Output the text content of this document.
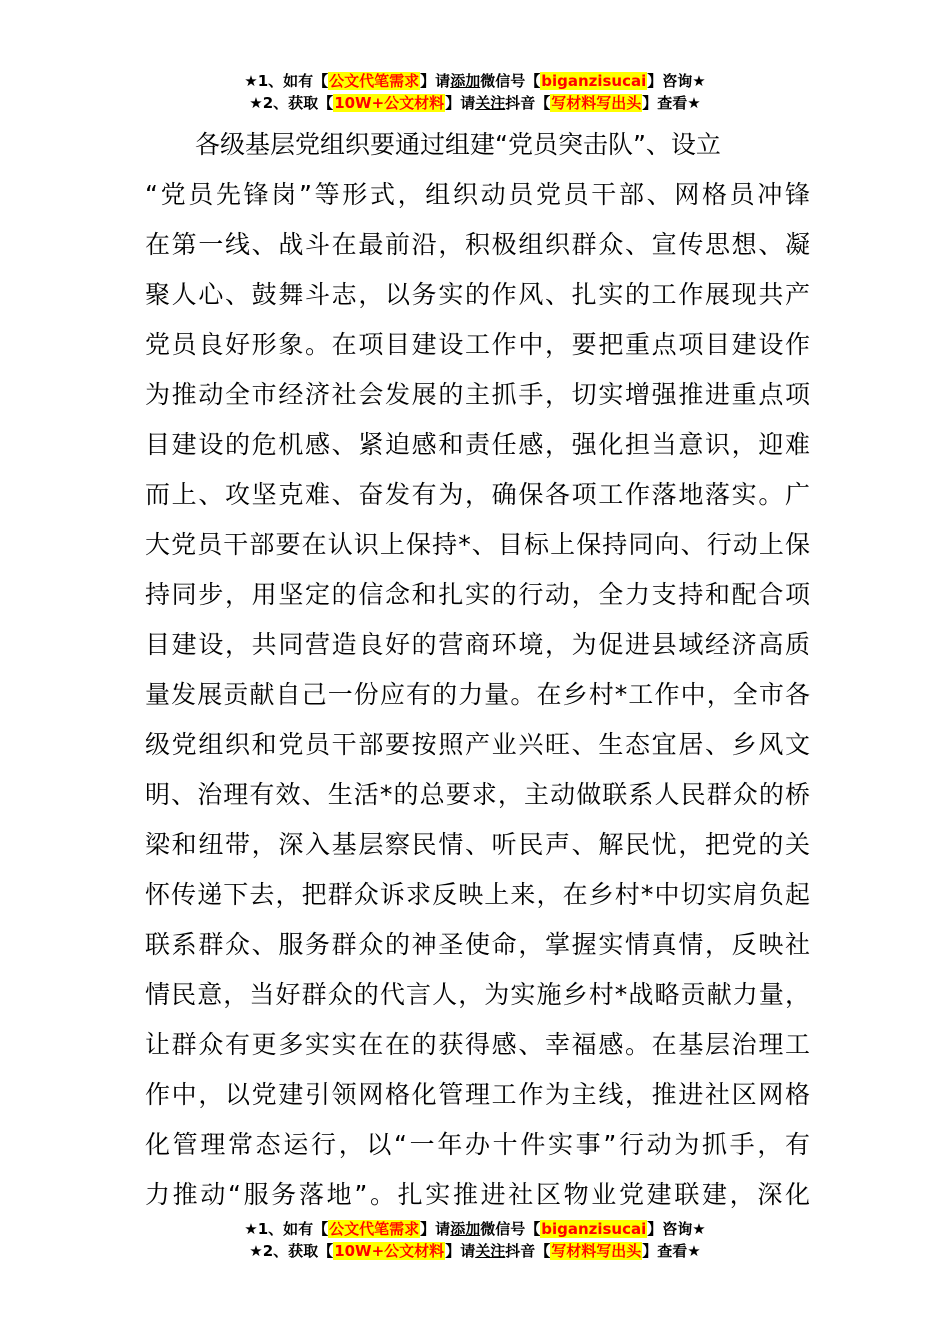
★1、如有【公文代笔需求】请添加微信号【biganzisucai】咨询★
★2、获取【10W+公文材料】请关注抖音【写材料写出头】查看★
　　各级基层党组织要通过组建“党员突击队”、设立
“党员先锋岗”等形式，组织动员党员干部、网格员冲锋
在第一线、战斗在最前沿，积极组织群众、宣传思想、凝
聚人心、鼓舞斗志，以务实的作风、扎实的工作展现共产
党员良好形象。在项目建设工作中，要把重点项目建设作
为推动全市经济社会发展的主抓手，切实增强推进重点项
目建设的危机感、紧迫感和责任感，强化担当意识，迎难
而上、攻坚克难、奋发有为，确保各项工作落地落实。广
大党员干部要在认识上保持*、目标上保持同向、行动上保
持同步，用坚定的信念和扎实的行动，全力支持和配合项
目建设，共同营造良好的营商环境，为促进县域经济高质
量发展贡献自己一份应有的力量。在乡村*工作中，全市各
级党组织和党员干部要按照产业兴旺、生态宜居、乡风文
明、治理有效、生活*的总要求，主动做联系人民群众的桥
梁和纽带，深入基层察民情、听民声、解民忧，把党的关
怀传递下去，把群众诉求反映上来，在乡村*中切实肩负起
联系群众、服务群众的神圣使命，掌握实情真情，反映社
情民意，当好群众的代言人，为实施乡村*战略贡献力量，
让群众有更多实实在在的获得感、幸福感。在基层治理工
作中，以党建引领网格化管理工作为主线，推进社区网格
化管理常态运行，以“一年办十件实事”行动为抓手，有
力推动“服务落地”。扎实推进社区物业党建联建，深化
★1、如有【公文代笔需求】请添加微信号【biganzisucai】咨询★
★2、获取【10W+公文材料】请关注抖音【写材料写出头】查看★
